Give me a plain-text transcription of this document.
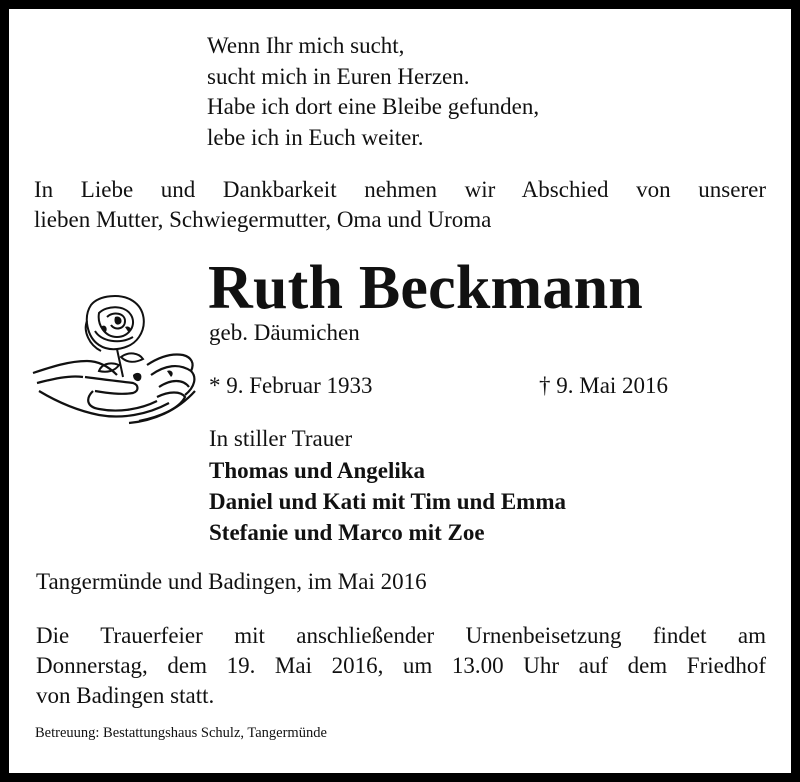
Wenn Ihr mich sucht,
sucht mich in Euren Herzen.
Habe ich dort eine Bleibe gefunden,
lebe ich in Euch weiter.
In Liebe und Dankbarkeit nehmen wir Abschied von unserer
lieben Mutter, Schwiegermutter, Oma und Uroma
Ruth Beckmann
geb. Däumichen
* 9. Februar 1933	† 9. Mai 2016
In stiller Trauer
Thomas und Angelika
Daniel und Kati mit Tim und Emma
Stefanie und Marco mit Zoe
Tangermünde und Badingen, im Mai 2016
Die Trauerfeier mit anschließender Urnenbeisetzung findet am
Donnerstag, dem 19. Mai 2016, um 13.00 Uhr auf dem Friedhof
von Badingen statt.
Betreuung: Bestattungshaus Schulz, Tangermünde
